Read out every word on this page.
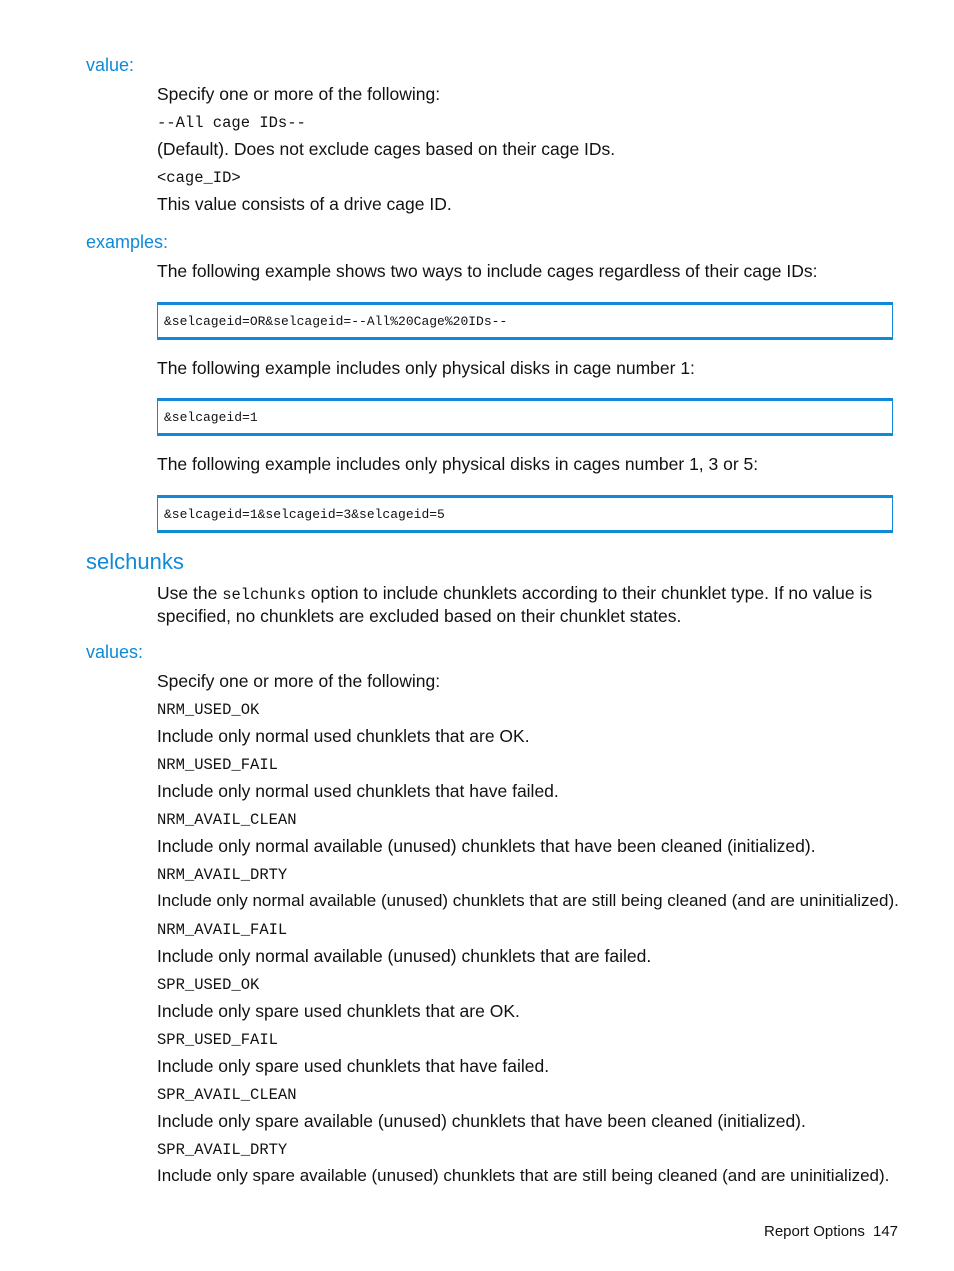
value:
Specify one or more of the following:
--All cage IDs--
(Default). Does not exclude cages based on their cage IDs.
<cage_ID>
This value consists of a drive cage ID.
examples:
The following example shows two ways to include cages regardless of their cage IDs:
&selcageid=OR&selcageid=--All%20Cage%20IDs--
The following example includes only physical disks in cage number 1:
&selcageid=1
The following example includes only physical disks in cages number 1, 3 or 5:
&selcageid=1&selcageid=3&selcageid=5
selchunks
Use the selchunks option to include chunklets according to their chunklet type. If no value is specified, no chunklets are excluded based on their chunklet states.
values:
Specify one or more of the following:
NRM_USED_OK
Include only normal used chunklets that are OK.
NRM_USED_FAIL
Include only normal used chunklets that have failed.
NRM_AVAIL_CLEAN
Include only normal available (unused) chunklets that have been cleaned (initialized).
NRM_AVAIL_DRTY
Include only normal available (unused) chunklets that are still being cleaned (and are uninitialized).
NRM_AVAIL_FAIL
Include only normal available (unused) chunklets that are failed.
SPR_USED_OK
Include only spare used chunklets that are OK.
SPR_USED_FAIL
Include only spare used chunklets that have failed.
SPR_AVAIL_CLEAN
Include only spare available (unused) chunklets that have been cleaned (initialized).
SPR_AVAIL_DRTY
Include only spare available (unused) chunklets that are still being cleaned (and are uninitialized).
Report Options 147
